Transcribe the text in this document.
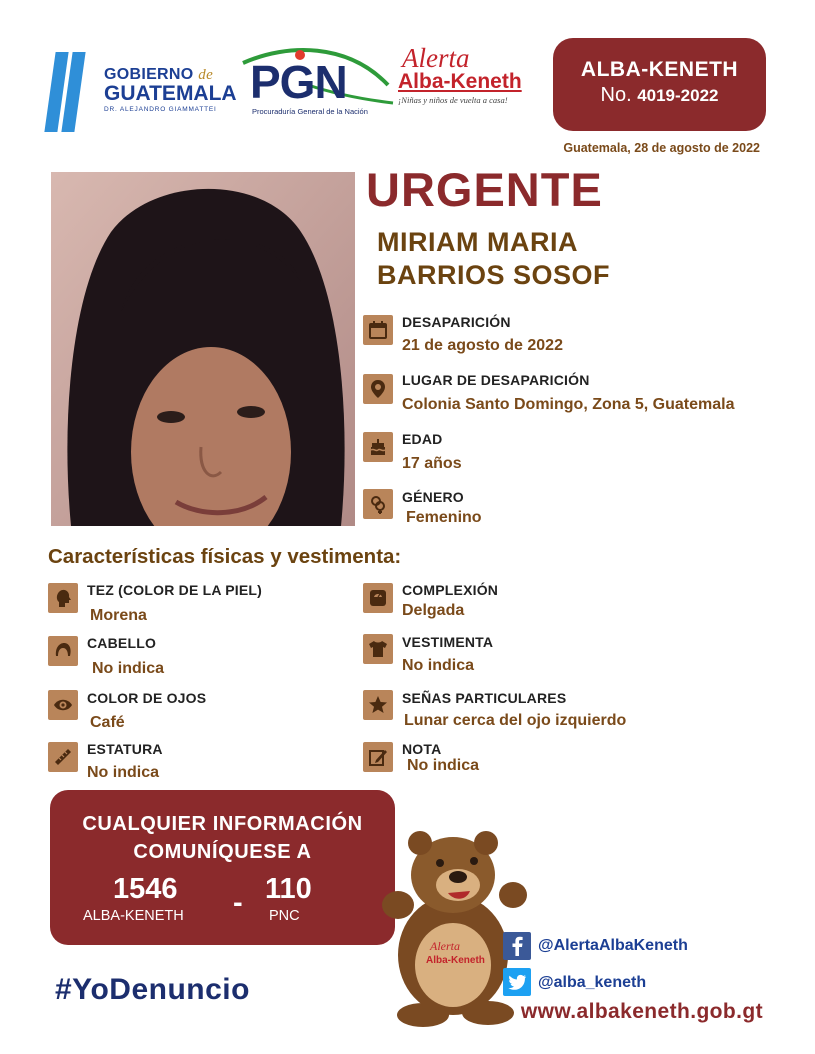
GOBIERNO de
GUATEMALA
DR. ALEJANDRO GIAMMATTEI
PGN
Procuraduría General de la Nación
Alerta
Alba-Keneth
¡Niñas y niños de vuelta a casa!
ALBA-KENETH
No. 4019-2022
Guatemala, 28 de agosto de 2022
URGENTE
MIRIAM MARIA
BARRIOS SOSOF
DESAPARICIÓN
21 de agosto de 2022
LUGAR DE DESAPARICIÓN
Colonia Santo Domingo, Zona 5, Guatemala
EDAD
17 años
GÉNERO
Femenino
Características físicas y vestimenta:
TEZ (COLOR DE LA PIEL)
Morena
CABELLO
No indica
COLOR DE OJOS
Café
ESTATURA
No indica
COMPLEXIÓN
Delgada
VESTIMENTA
No indica
SEÑAS PARTICULARES
Lunar cerca del ojo izquierdo
NOTA
No indica
CUALQUIER INFORMACIÓN
COMUNÍQUESE A
1546
ALBA-KENETH - 110
PNC
#YoDenuncio
Alerta
Alba-Keneth
@AlertaAlbaKeneth
@alba_keneth
www.albakeneth.gob.gt
